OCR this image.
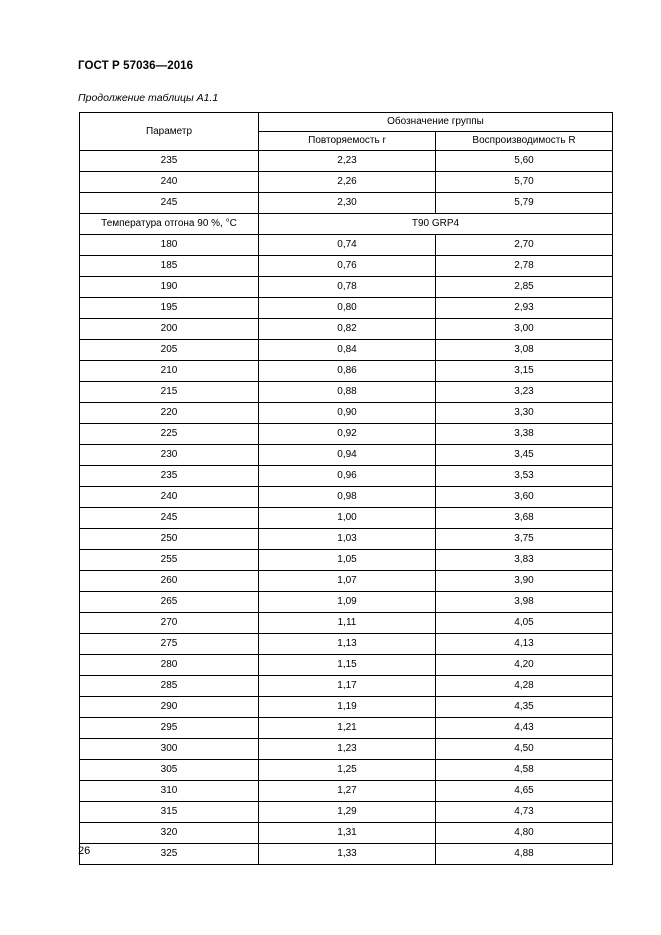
ГОСТ Р 57036—2016
Продолжение таблицы А1.1
Параметр	Обозначение группы	
	Повторяемость r	Воспроизводимость R
235	2,23	5,60
240	2,26	5,70
245	2,30	5,79
Температура отгона 90 %, °С	T90 GRP4	
180	0,74	2,70
185	0,76	2,78
190	0,78	2,85
195	0,80	2,93
200	0,82	3,00
205	0,84	3,08
210	0,86	3,15
215	0,88	3,23
220	0,90	3,30
225	0,92	3,38
230	0,94	3,45
235	0,96	3,53
240	0,98	3,60
245	1,00	3,68
250	1,03	3,75
255	1,05	3,83
260	1,07	3,90
265	1,09	3,98
270	1,11	4,05
275	1,13	4,13
280	1,15	4,20
285	1,17	4,28
290	1,19	4,35
295	1,21	4,43
300	1,23	4,50
305	1,25	4,58
310	1,27	4,65
315	1,29	4,73
320	1,31	4,80
325	1,33	4,88
26
